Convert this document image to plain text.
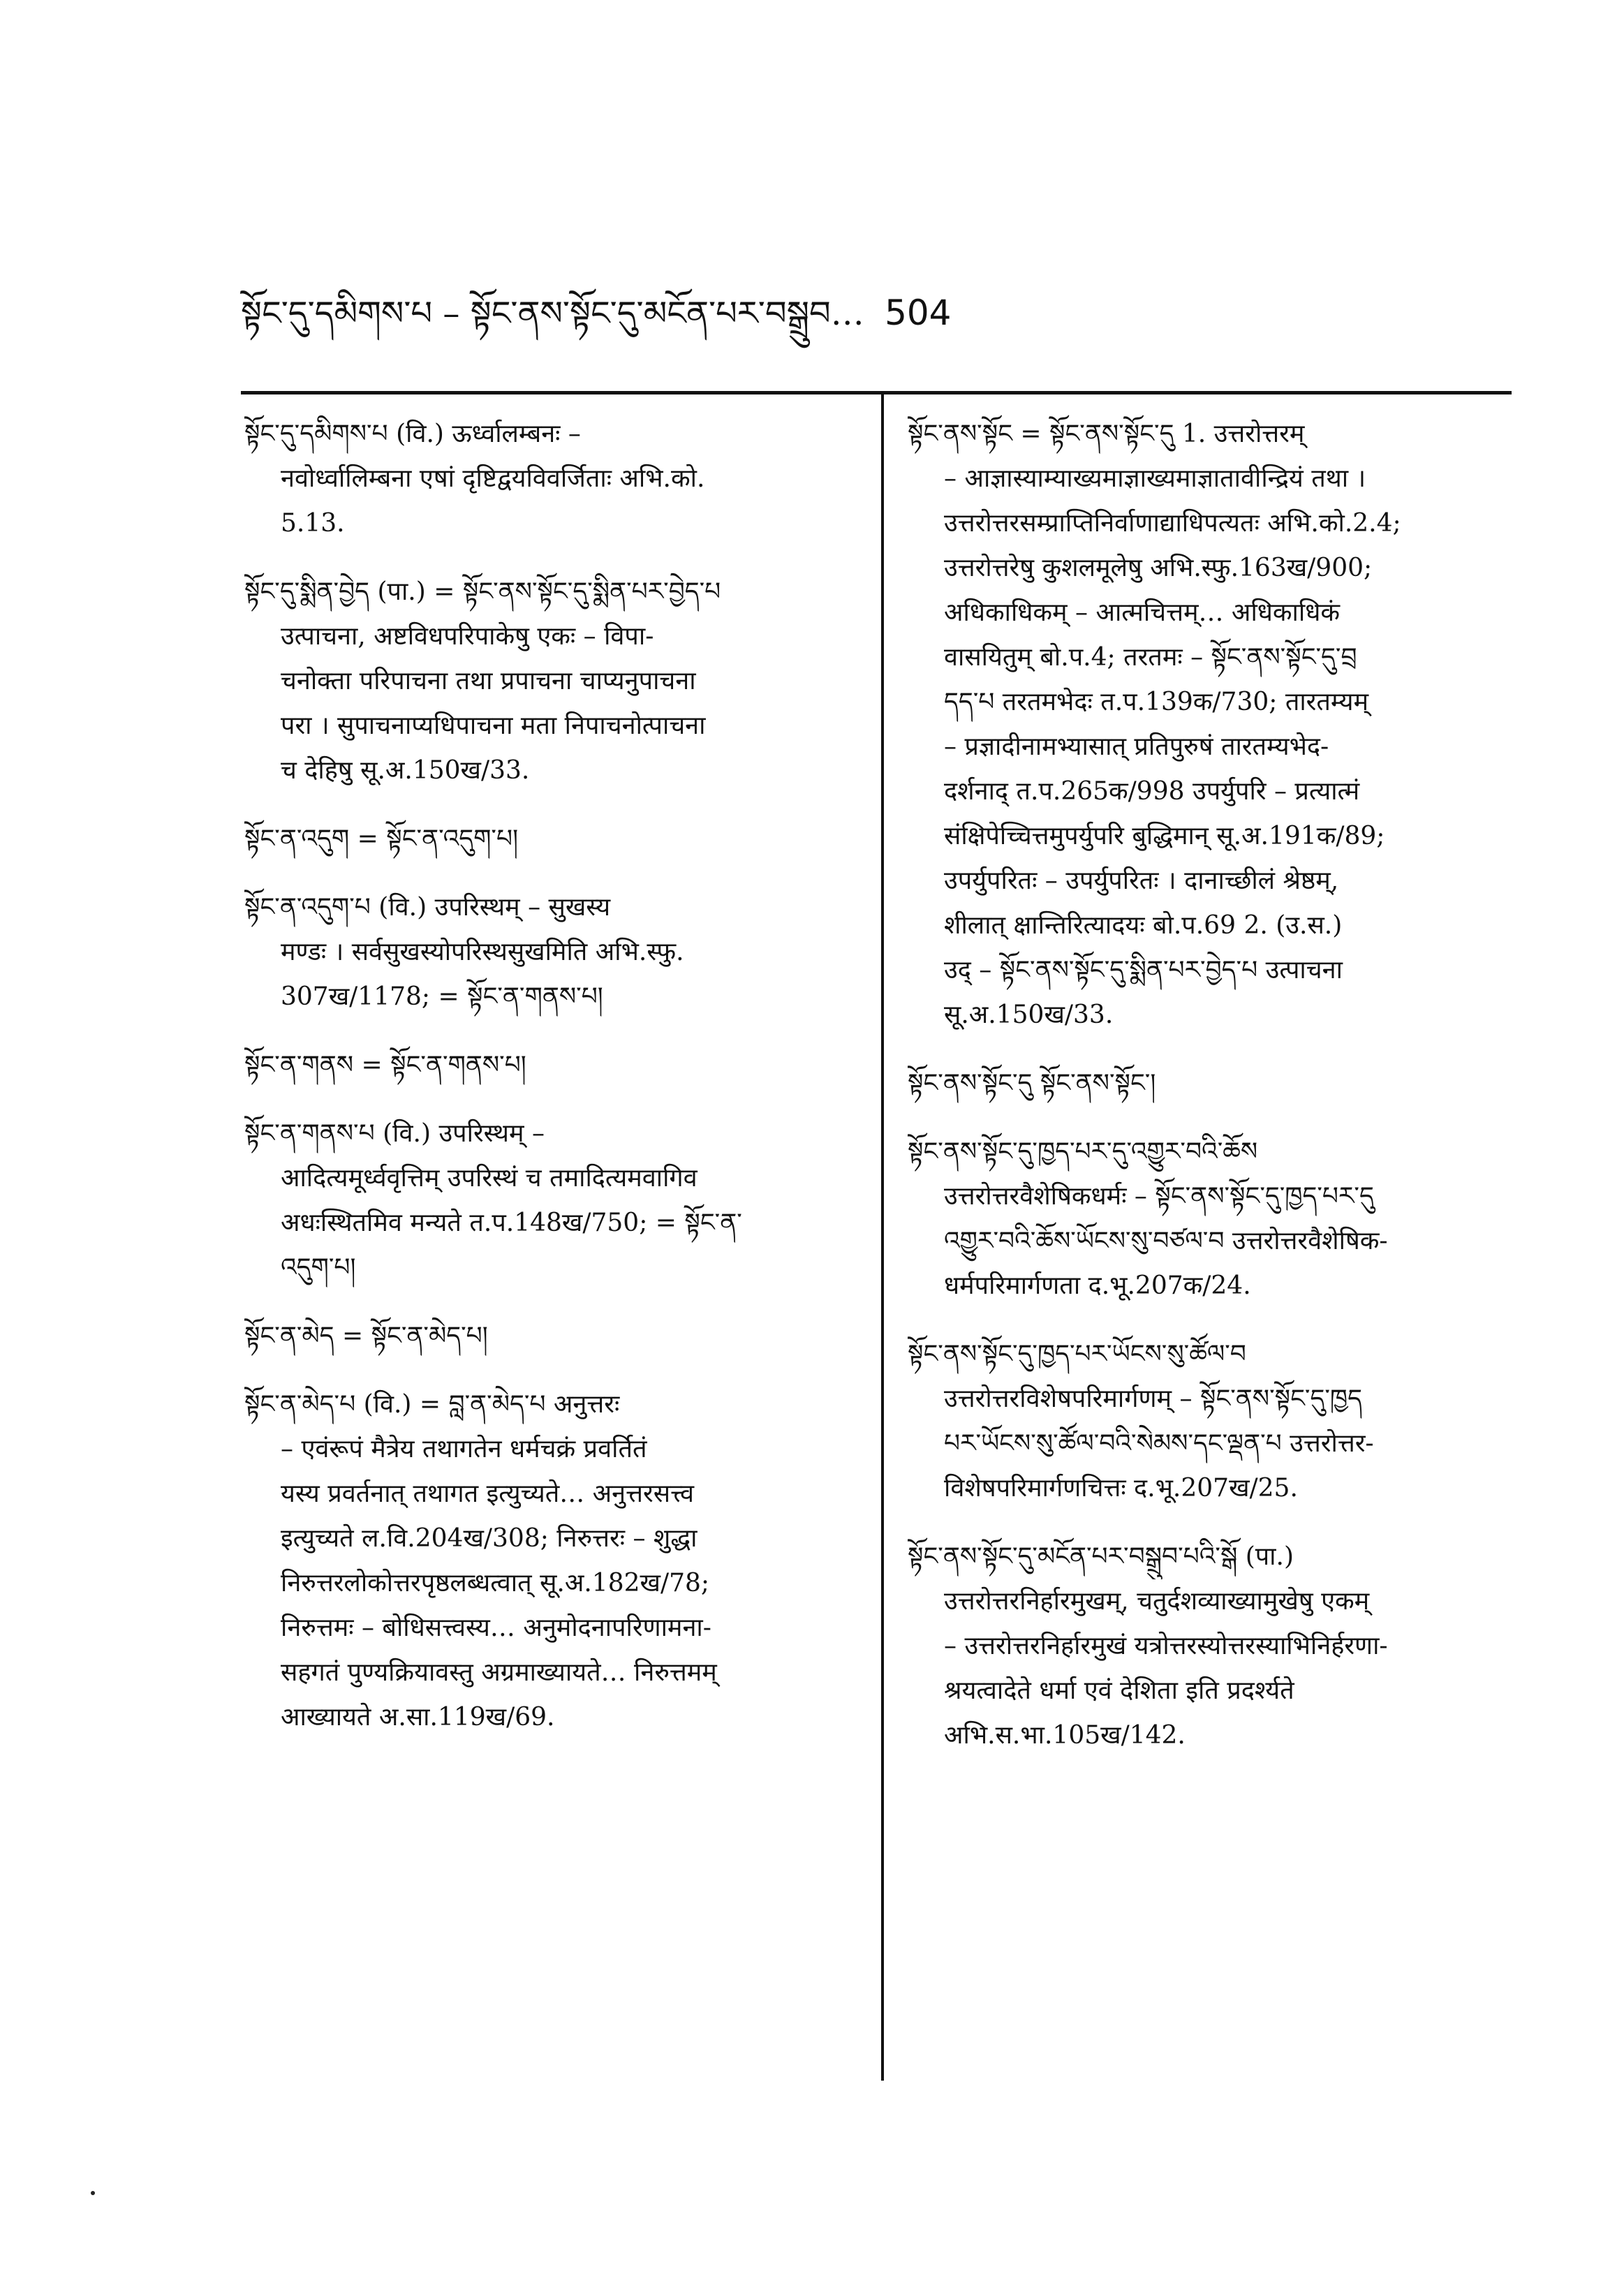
སྟོང་དུ་དམིགས་པ – སྟོང་ནས་སྟོང་དུ་མངོན་པར་བསྒྲུབ… 504
སྟོང་དུ་དམིགས་པ (वि.) ऊर्ध्वालम्बनः –
नवोर्ध्वालिम्बना एषां दृष्टिद्वयविवर्जिताः अभि.को.
5.13.
སྟོང་དུ་སྨིན་བྱེད (पा.) = སྟོང་ནས་སྟོང་དུ་སྨིན་པར་བྱེད་པ
उत्पाचना, अष्टविधपरिपाकेषु एकः – विपा-
चनोक्ता परिपाचना तथा प्रपाचना चाप्यनुपाचना
परा । सुपाचनाप्यधिपाचना मता निपाचनोत्पाचना
च देहिषु सू.अ.150ख/33.
སྟོང་ན་འདུག = སྟོང་ན་འདུག་པ།
སྟོང་ན་འདུག་པ (वि.) उपरिस्थम् – सुखस्य
मण्डः । सर्वसुखस्योपरिस्थसुखमिति अभि.स्फु.
307ख/1178; = སྟོང་ན་གནས་པ།
སྟོང་ན་གནས = སྟོང་ན་གནས་པ།
སྟོང་ན་གནས་པ (वि.) उपरिस्थम् –
आदित्यमूर्ध्ववृत्तिम् उपरिस्थं च तमादित्यमवागिव
अधःस्थितमिव मन्यते त.प.148ख/750; = སྟོང་ན་
འདུག་པ།
སྟོང་ན་མེད = སྟོང་ན་མེད་པ།
སྟོང་ན་མེད་པ (वि.) = བླ་ན་མེད་པ अनुत्तरः
– एवंरूपं मैत्रेय तथागतेन धर्मचक्रं प्रवर्तितं
यस्य प्रवर्तनात् तथागत इत्युच्यते… अनुत्तरसत्त्व
इत्युच्यते ल.वि.204ख/308; निरुत्तरः – शुद्धा
निरुत्तरलोकोत्तरपृष्ठलब्धत्वात् सू.अ.182ख/78;
निरुत्तमः – बोधिसत्त्वस्य… अनुमोदनापरिणामना-
सहगतं पुण्यक्रियावस्तु अग्रमाख्यायते… निरुत्तमम्
आख्यायते अ.सा.119ख/69.
སྟོང་ནས་སྟོང = སྟོང་ནས་སྟོང་དུ 1. उत्तरोत्तरम्
– आज्ञास्याम्याख्यमाज्ञाख्यमाज्ञातावीन्द्रियं तथा ।
उत्तरोत्तरसम्प्राप्तिनिर्वाणाद्याधिपत्यतः अभि.को.2.4;
उत्तरोत्तरेषु कुशलमूलेषु अभि.स्फु.163ख/900;
अधिकाधिकम् – आत्मचित्तम्… अधिकाधिकं
वासयितुम् बो.प.4; तरतमः – སྟོང་ནས་སྟོང་དུ་བྲ
དད་པ तरतमभेदः त.प.139क/730; तारतम्यम्
– प्रज्ञादीनामभ्यासात् प्रतिपुरुषं तारतम्यभेद-
दर्शनाद् त.प.265क/998 उपर्युपरि – प्रत्यात्मं
संक्षिपेच्चित्तमुपर्युपरि बुद्धिमान् सू.अ.191क/89;
उपर्युपरितः – उपर्युपरितः । दानाच्छीलं श्रेष्ठम्,
शीलात् क्षान्तिरित्यादयः बो.प.69 2. (उ.स.)
उद् – སྟོང་ནས་སྟོང་དུ་སྨིན་པར་བྱེད་པ उत्पाचना
सू.अ.150ख/33.
སྟོང་ནས་སྟོང་དུ སྟོང་ནས་སྟོང་།
སྟོང་ནས་སྟོང་དུ་ཁྱད་པར་དུ་འགྱུར་བའི་ཆོས
उत्तरोत्तरवैशेषिकधर्मः – སྟོང་ནས་སྟོང་དུ་ཁྱད་པར་དུ
འགྱུར་བའི་ཆོས་ཡོངས་སུ་བཙལ་བ उत्तरोत्तरवैशेषिक-
धर्मपरिमार्गणता द.भू.207क/24.
སྟོང་ནས་སྟོང་དུ་ཁྱད་པར་ཡོངས་སུ་ཚོལ་བ
उत्तरोत्तरविशेषपरिमार्गणम् – སྟོང་ནས་སྟོང་དུ་ཁྱད
པར་ཡོངས་སུ་ཚོལ་བའི་སེམས་དང་ལྡན་པ उत्तरोत्तर-
विशेषपरिमार्गणचित्तः द.भू.207ख/25.
སྟོང་ནས་སྟོང་དུ་མངོན་པར་བསྒྲུབ་པའི་སྒོ (पा.)
उत्तरोत्तरनिर्हारमुखम्, चतुर्दशव्याख्यामुखेषु एकम्
– उत्तरोत्तरनिर्हारमुखं यत्रोत्तरस्योत्तरस्याभिनिर्हरणा-
श्रयत्वादेते धर्मा एवं देशिता इति प्रदर्श्यते
अभि.स.भा.105ख/142.
